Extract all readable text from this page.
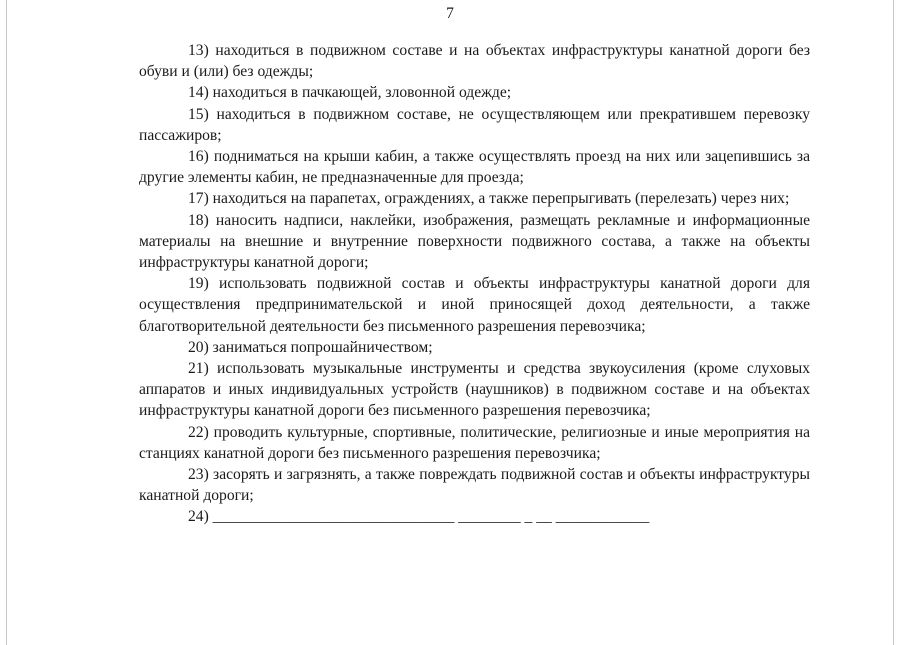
7

13) находиться в подвижном составе и на объектах инфраструктуры канатной дороги без обуви и (или) без одежды;

14) находиться в пачкающей, зловонной одежде;

15) находиться в подвижном составе, не осуществляющем или прекратившем перевозку пассажиров;

16) подниматься на крыши кабин, а также осуществлять проезд на них или зацепившись за другие элементы кабин, не предназначенные для проезда;

17) находиться на парапетах, ограждениях, а также перепрыгивать (перелезать) через них;

18) наносить надписи, наклейки, изображения, размещать рекламные и информационные материалы на внешние и внутренние поверхности подвижного состава, а также на объекты инфраструктуры канатной дороги;

19) использовать подвижной состав и объекты инфраструктуры канатной дороги для осуществления предпринимательской и иной приносящей доход деятельности, а также благотворительной деятельности без письменного разрешения перевозчика;

20) заниматься попрошайничеством;

21) использовать музыкальные инструменты и средства звукоусиления (кроме слуховых аппаратов и иных индивидуальных устройств (наушников) в подвижном составе и на объектах инфраструктуры канатной дороги без письменного разрешения перевозчика;

22) проводить культурные, спортивные, политические, религиозные и иные мероприятия на станциях канатной дороги без письменного разрешения перевозчика;

23) засорять и загрязнять, а также повреждать подвижной состав и объекты инфраструктуры канатной дороги;

24) _______________________________ ________ _ __ ____________
